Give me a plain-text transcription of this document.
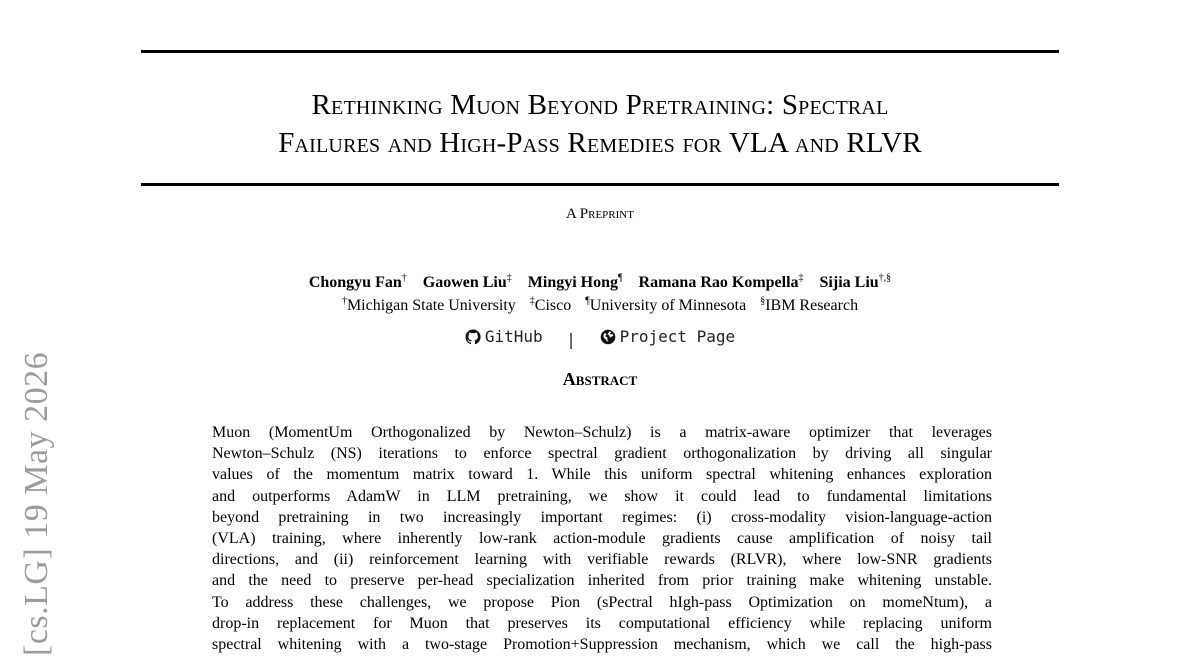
Rethinking Muon Beyond Pretraining: Spectral
Failures and High-Pass Remedies for VLA and RLVR
A Preprint
Chongyu Fan† Gaowen Liu‡ Mingyi Hong¶ Ramana Rao Kompella‡ Sijia Liu†,§
†Michigan State University ‡Cisco ¶University of Minnesota §IBM Research
GitHub |	Project Page
Abstract
Muon (MomentUm Orthogonalized by Newton–Schulz) is a matrix-aware optimizer that leverages
Newton–Schulz (NS) iterations to enforce spectral gradient orthogonalization by driving all singular
values of the momentum matrix toward 1. While this uniform spectral whitening enhances exploration
and outperforms AdamW in LLM pretraining, we show it could lead to fundamental limitations
beyond pretraining in two increasingly important regimes: (i) cross-modality vision-language-action
(VLA) training, where inherently low-rank action-module gradients cause amplification of noisy tail
directions, and (ii) reinforcement learning with verifiable rewards (RLVR), where low-SNR gradients
and the need to preserve per-head specialization inherited from prior training make whitening unstable.
To address these challenges, we propose Pion (sPectral hIgh-pass Optimization on momeNtum), a
drop-in replacement for Muon that preserves its computational efficiency while replacing uniform
spectral whitening with a two-stage Promotion+Suppression mechanism, which we call the high-pass
[cs.LG] 19 May 2026
